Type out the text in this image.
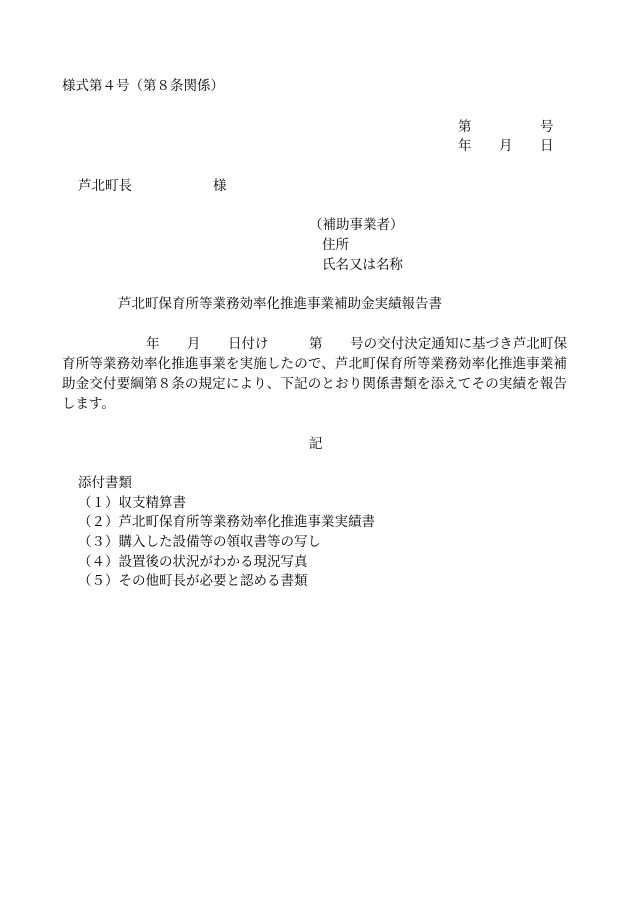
様式第４号（第８条関係）
第	号
年 月 日
芦北町長	様
（補助事業者）
住所
氏名又は名称
芦北町保育所等業務効率化推進事業補助金実績報告書
年 月 日付け	第 号の交付決定通知に基づき芦北町保
育所等業務効率化推進事業を実施したので、芦北町保育所等業務効率化推進事業補
助金交付要綱第８条の規定により、下記のとおり関係書類を添えてその実績を報告
します。
記
添付書類
（１）収支精算書
（２）芦北町保育所等業務効率化推進事業実績書
（３）購入した設備等の領収書等の写し
（４）設置後の状況がわかる現況写真
（５）その他町長が必要と認める書類
